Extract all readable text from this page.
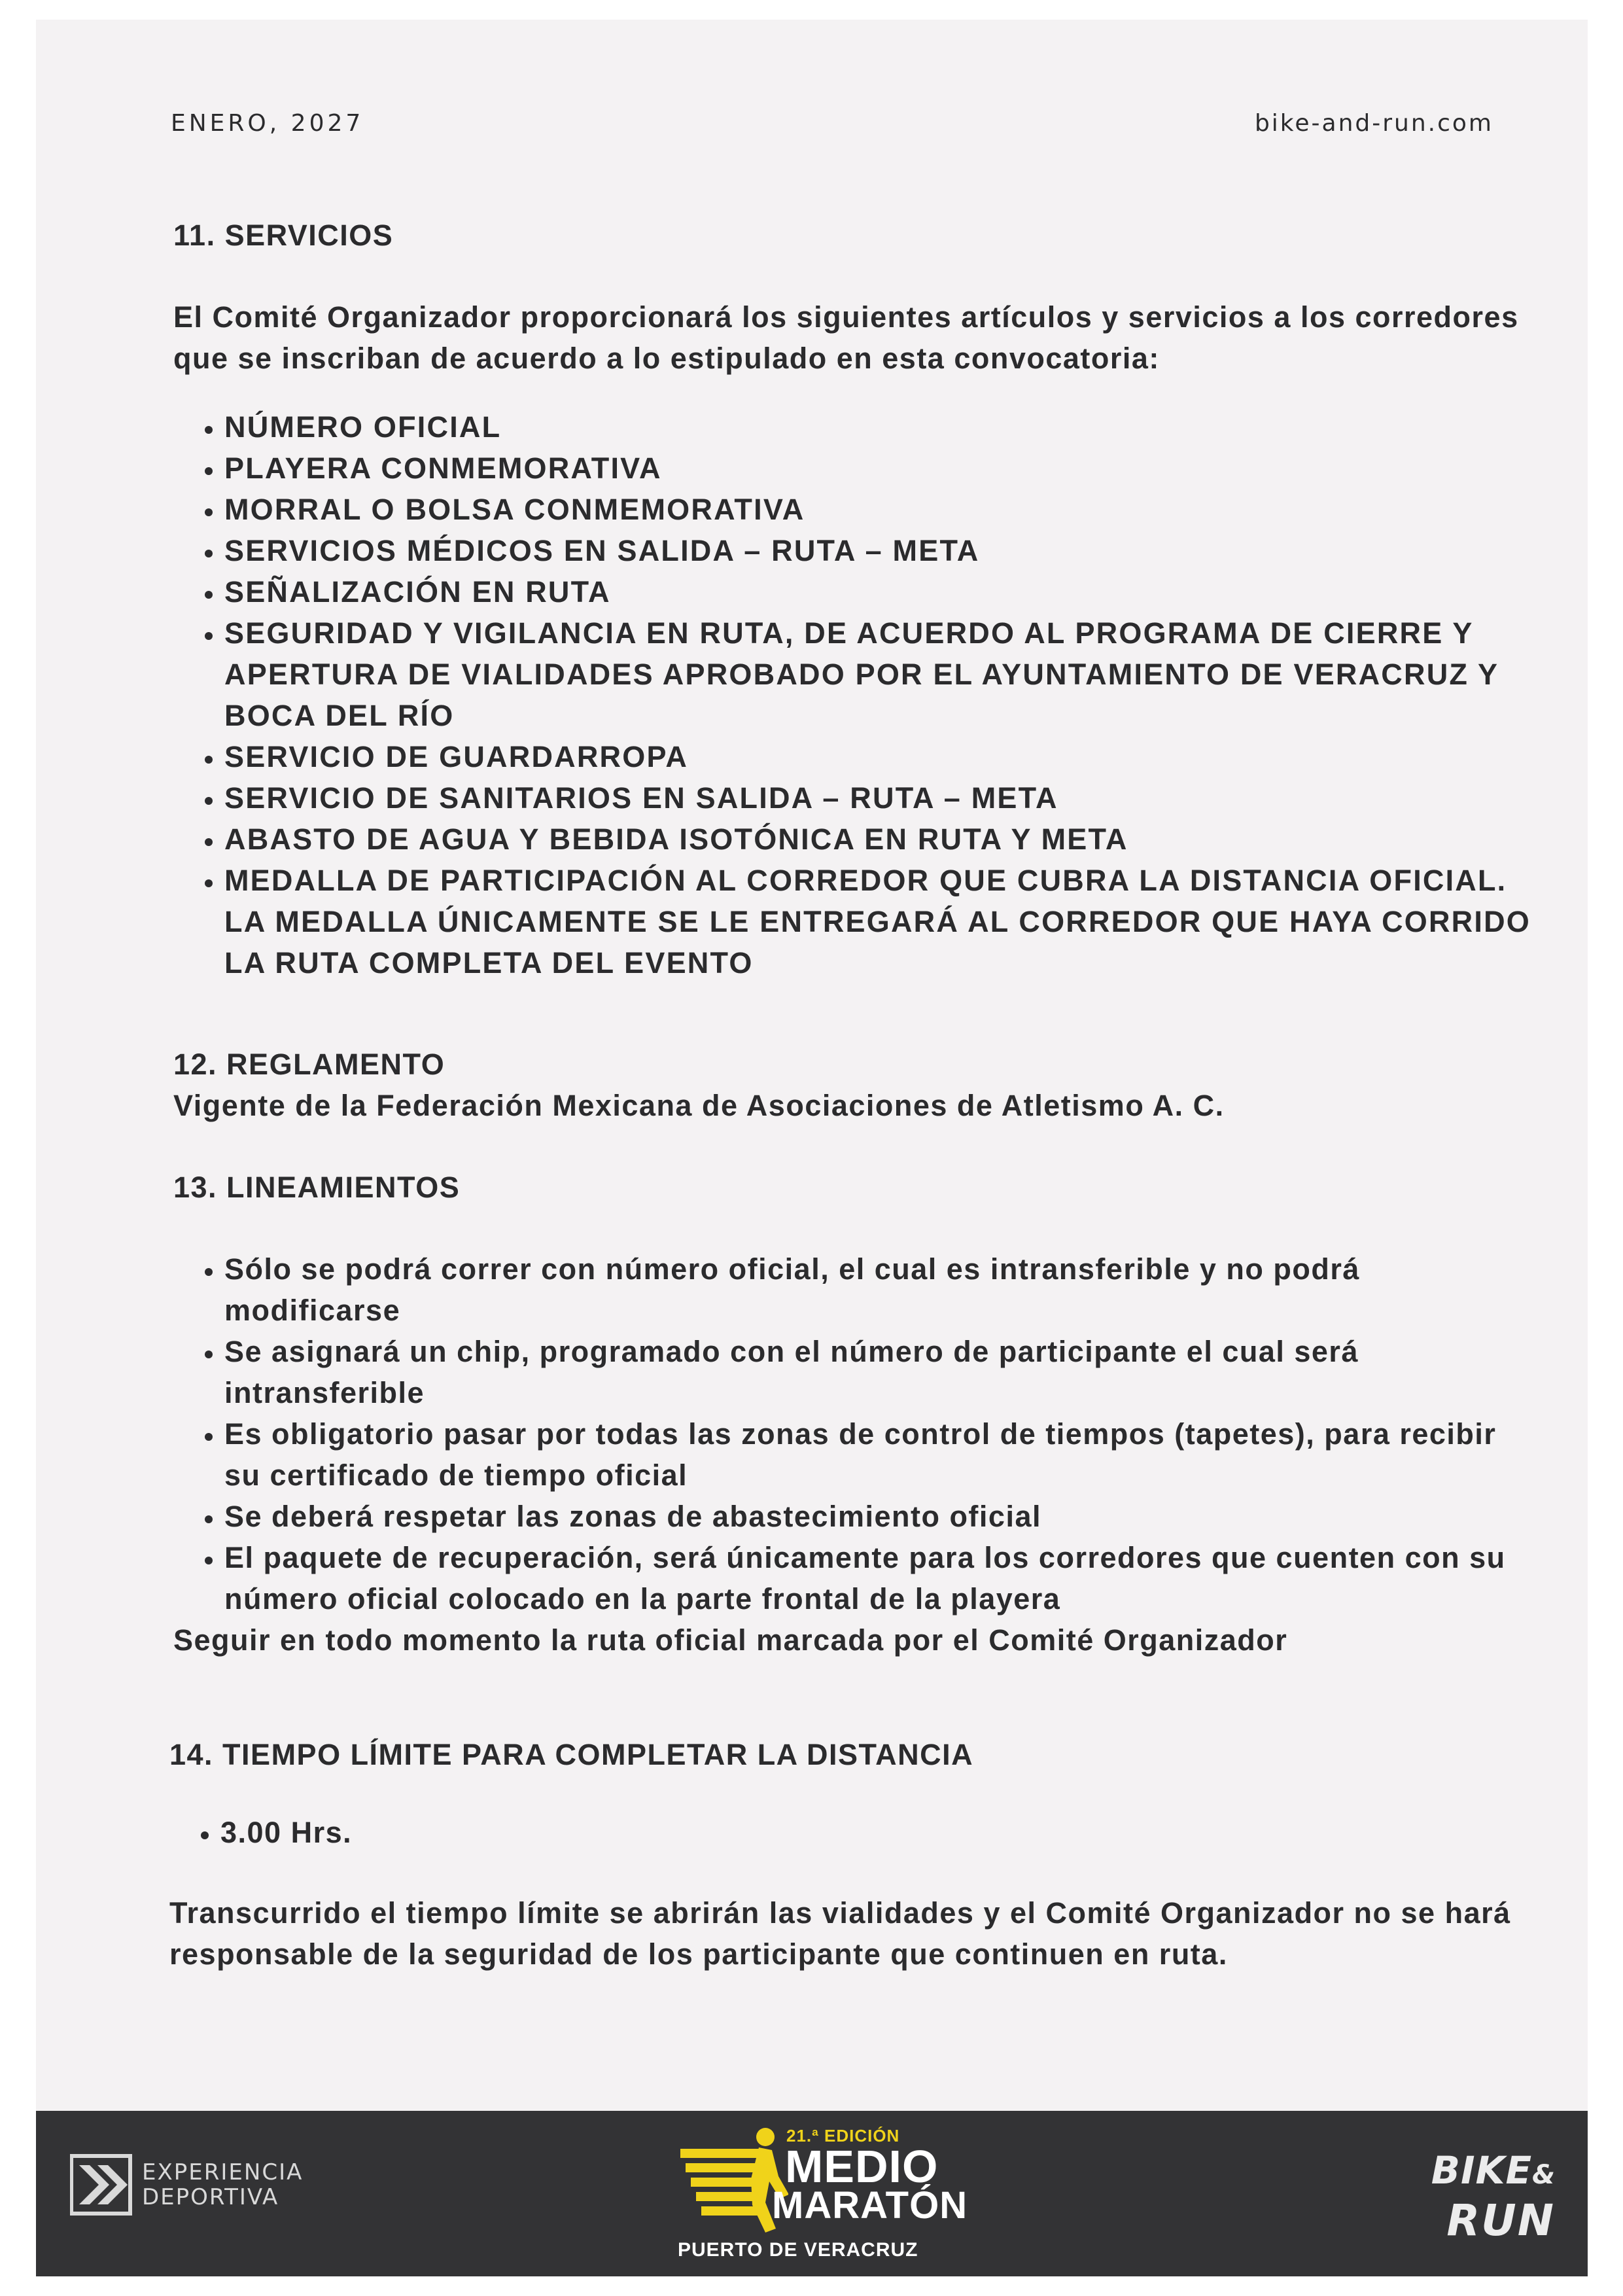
ENERO, 2027	bike-and-run.com

11. SERVICIOS

El Comité Organizador proporcionará los siguientes artículos y servicios a los corredores que se inscriban de acuerdo a lo estipulado en esta convocatoria:

• NÚMERO OFICIAL
• PLAYERA CONMEMORATIVA
• MORRAL O BOLSA CONMEMORATIVA
• SERVICIOS MÉDICOS EN SALIDA – RUTA – META
• SEÑALIZACIÓN EN RUTA
• SEGURIDAD Y VIGILANCIA EN RUTA, DE ACUERDO AL PROGRAMA DE CIERRE Y APERTURA DE VIALIDADES APROBADO POR EL AYUNTAMIENTO DE VERACRUZ Y BOCA DEL RÍO
• SERVICIO DE GUARDARROPA
• SERVICIO DE SANITARIOS EN SALIDA – RUTA – META
• ABASTO DE AGUA Y BEBIDA ISOTÓNICA EN RUTA Y META
• MEDALLA DE PARTICIPACIÓN AL CORREDOR QUE CUBRA LA DISTANCIA OFICIAL. LA MEDALLA ÚNICAMENTE SE LE ENTREGARÁ AL CORREDOR QUE HAYA CORRIDO LA RUTA COMPLETA DEL EVENTO

12. REGLAMENTO

Vigente de la Federación Mexicana de Asociaciones de Atletismo A. C.

13. LINEAMIENTOS

• Sólo se podrá correr con número oficial, el cual es intransferible y no podrá modificarse
• Se asignará un chip, programado con el número de participante el cual será intransferible
• Es obligatorio pasar por todas las zonas de control de tiempos (tapetes), para recibir su certificado de tiempo oficial
• Se deberá respetar las zonas de abastecimiento oficial
• El paquete de recuperación, será únicamente para los corredores que cuenten con su número oficial colocado en la parte frontal de la playera

Seguir en todo momento la ruta oficial marcada por el Comité Organizador

14. TIEMPO LÍMITE PARA COMPLETAR LA DISTANCIA

• 3.00 Hrs.

Transcurrido el tiempo límite se abrirán las vialidades y el Comité Organizador no se hará responsable de la seguridad de los participante que continuen en ruta.

EXPERIENCIA
DEPORTIVA
21.ª EDICIÓN
MEDIO
MARATÓN
PUERTO DE VERACRUZ
BIKE&
RUN
